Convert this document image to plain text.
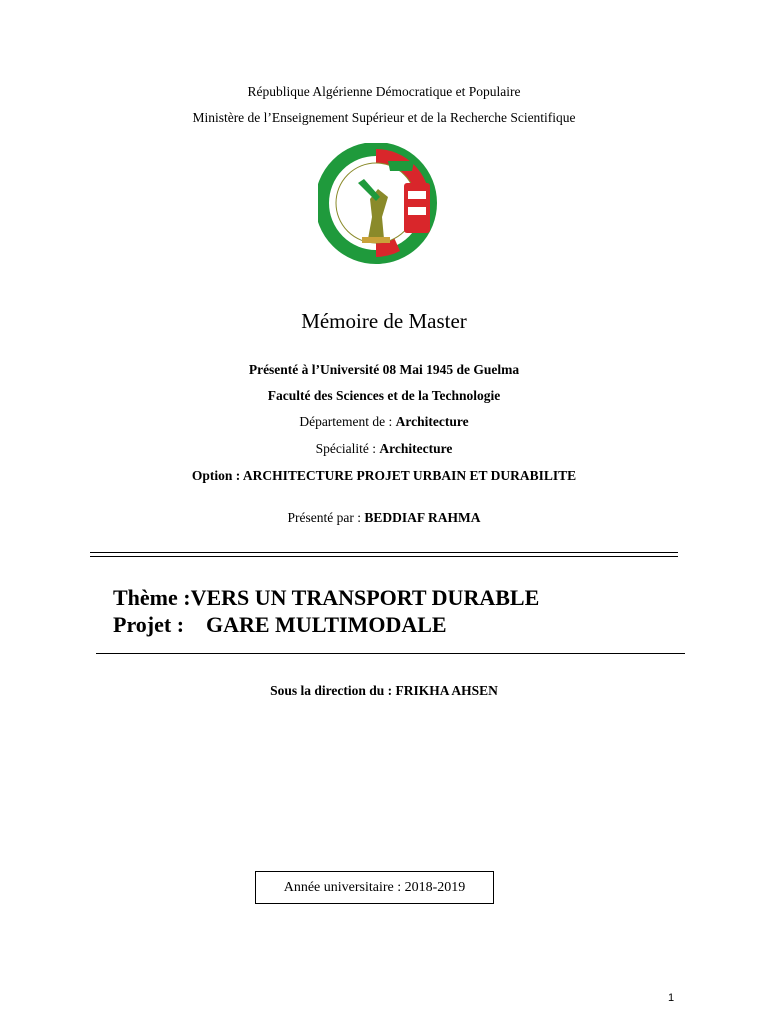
République Algérienne Démocratique et Populaire
Ministère de l’Enseignement Supérieur et de la Recherche Scientifique
Mémoire de Master
Présenté à l’Université 08 Mai 1945 de Guelma
Faculté des Sciences et de la Technologie
Département de : Architecture
Spécialité : Architecture
Option : ARCHITECTURE PROJET URBAIN ET DURABILITE
Présenté par : BEDDIAF RAHMA
Thème :VERS UN TRANSPORT DURABLE
Projet : GARE MULTIMODALE
Sous la direction du : FRIKHA AHSEN
Année universitaire : 2018-2019
1
